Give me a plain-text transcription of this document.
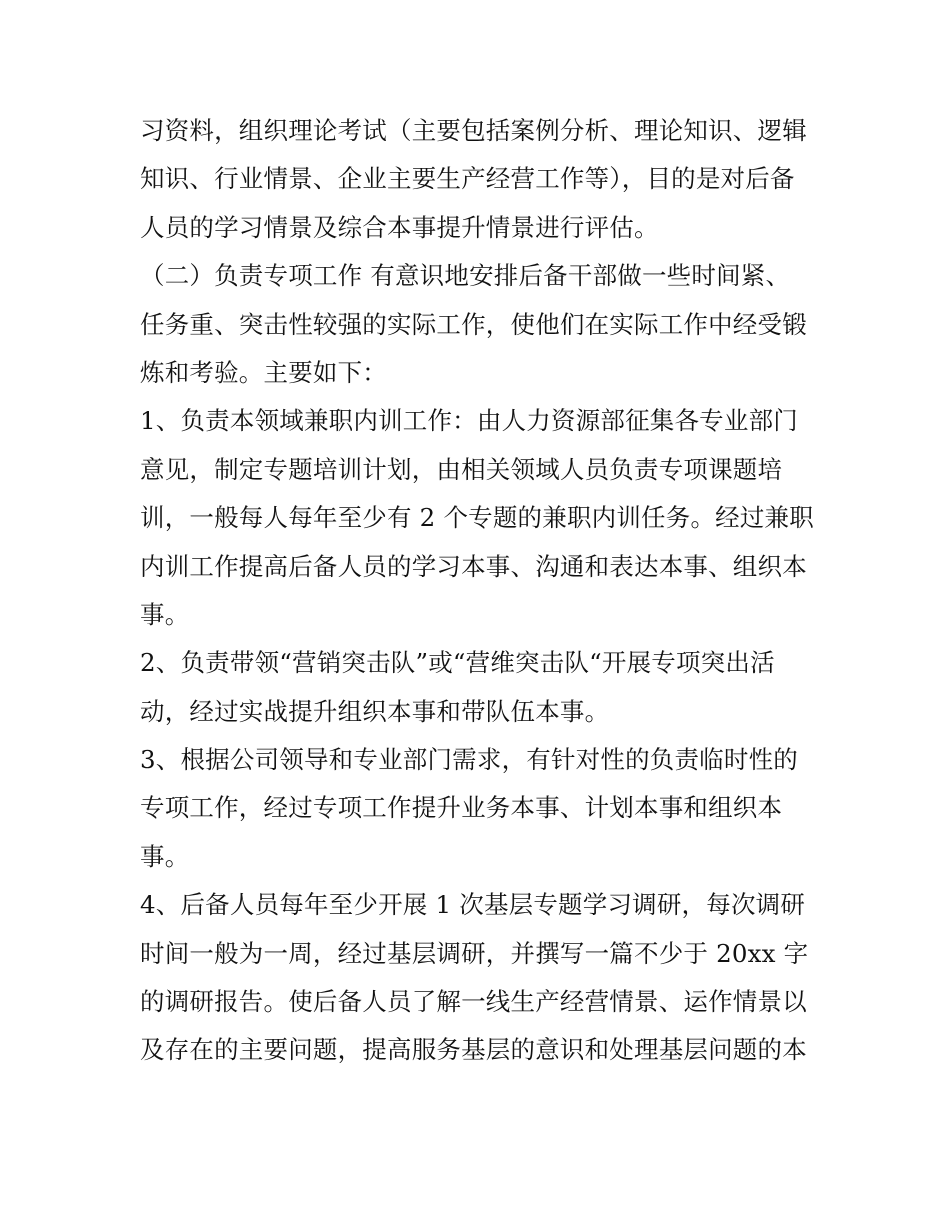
习资料，组织理论考试（主要包括案例分析、理论知识、逻辑
知识、行业情景、企业主要生产经营工作等），目的是对后备
人员的学习情景及综合本事提升情景进行评估。
（二）负责专项工作 有意识地安排后备干部做一些时间紧、
任务重、突击性较强的实际工作，使他们在实际工作中经受锻
炼和考验。主要如下：
1、负责本领域兼职内训工作：由人力资源部征集各专业部门
意见，制定专题培训计划，由相关领域人员负责专项课题培
训，一般每人每年至少有 2 个专题的兼职内训任务。经过兼职
内训工作提高后备人员的学习本事、沟通和表达本事、组织本
事。
2、负责带领“营销突击队”或“营维突击队“开展专项突出活
动，经过实战提升组织本事和带队伍本事。
3、根据公司领导和专业部门需求，有针对性的负责临时性的
专项工作，经过专项工作提升业务本事、计划本事和组织本
事。
4、后备人员每年至少开展 1 次基层专题学习调研，每次调研
时间一般为一周，经过基层调研，并撰写一篇不少于 20xx 字
的调研报告。使后备人员了解一线生产经营情景、运作情景以
及存在的主要问题，提高服务基层的意识和处理基层问题的本
